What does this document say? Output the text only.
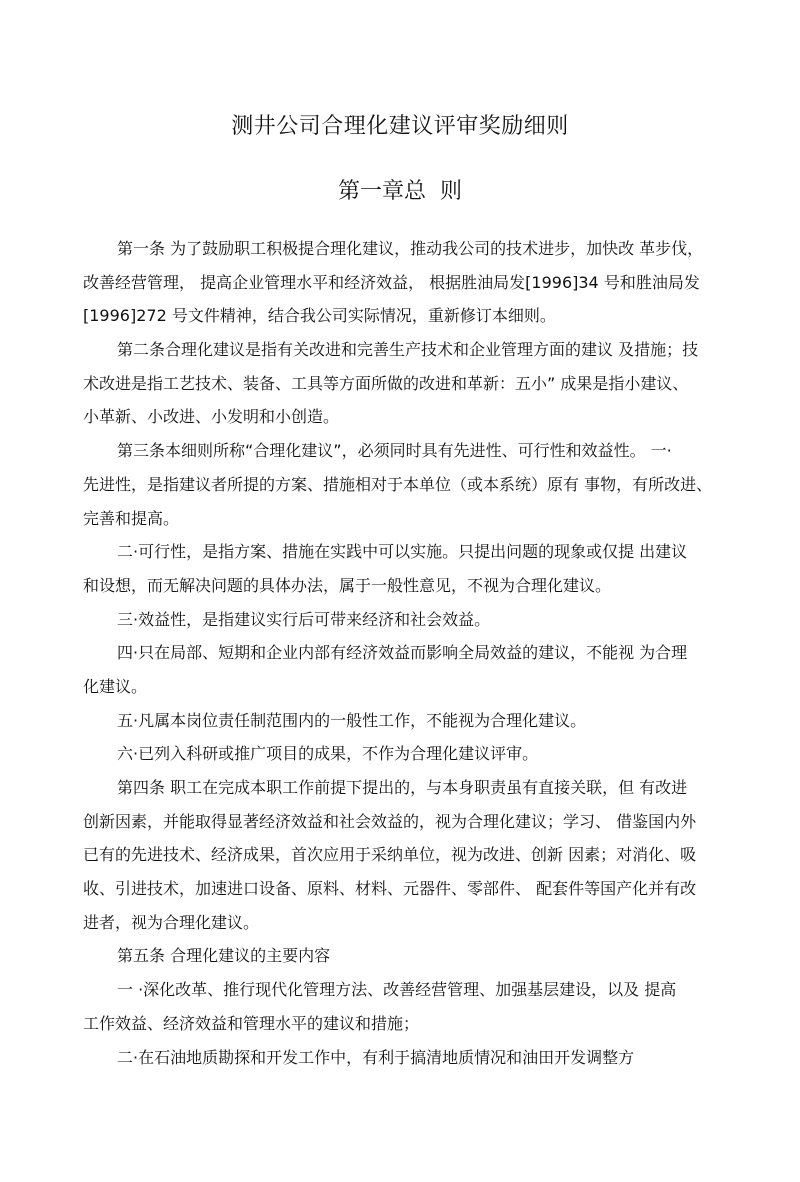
测井公司合理化建议评审奖励细则
第一章总  则
第一条 为了鼓励职工积极提合理化建议，推动我公司的技术进步，加快改 革步伐，
改善经营管理， 提高企业管理水平和经济效益， 根据胜油局发[1996]34 号和胜油局发
[1996]272 号文件精神，结合我公司实际情况，重新修订本细则。
第二条合理化建议是指有关改进和完善生产技术和企业管理方面的建议 及措施；技
术改进是指工艺技术、装备、工具等方面所做的改进和革新：五小” 成果是指小建议、
小革新、小改进、小发明和小创造。
第三条本细则所称“合理化建议”，必须同时具有先进性、可行性和效益性。 一·
先进性，是指建议者所提的方案、措施相对于本单位（或本系统）原有 事物，有所改进、
完善和提高。
二·可行性，是指方案、措施在实践中可以实施。只提出问题的现象或仅提 出建议
和设想，而无解决问题的具体办法，属于一般性意见，不视为合理化建议。
三·效益性，是指建议实行后可带来经济和社会效益。
四·只在局部、短期和企业内部有经济效益而影响全局效益的建议，不能视 为合理
化建议。
五·凡属本岗位责任制范围内的一般性工作，不能视为合理化建议。
六·已列入科研或推广项目的成果，不作为合理化建议评审。
第四条 职工在完成本职工作前提下提出的，与本身职责虽有直接关联，但 有改进
创新因素，并能取得显著经济效益和社会效益的，视为合理化建议；学习、 借鉴国内外
已有的先进技术、经济成果，首次应用于采纳单位，视为改进、创新 因素；对消化、吸
收、引进技术，加速进口设备、原料、材料、元器件、零部件、 配套件等国产化并有改
进者，视为合理化建议。
第五条 合理化建议的主要内容
一 ·深化改革、推行现代化管理方法、改善经营管理、加强基层建设，以及 提高
工作效益、经济效益和管理水平的建议和措施；
二·在石油地质勘探和开发工作中，有利于搞清地质情况和油田开发调整方
